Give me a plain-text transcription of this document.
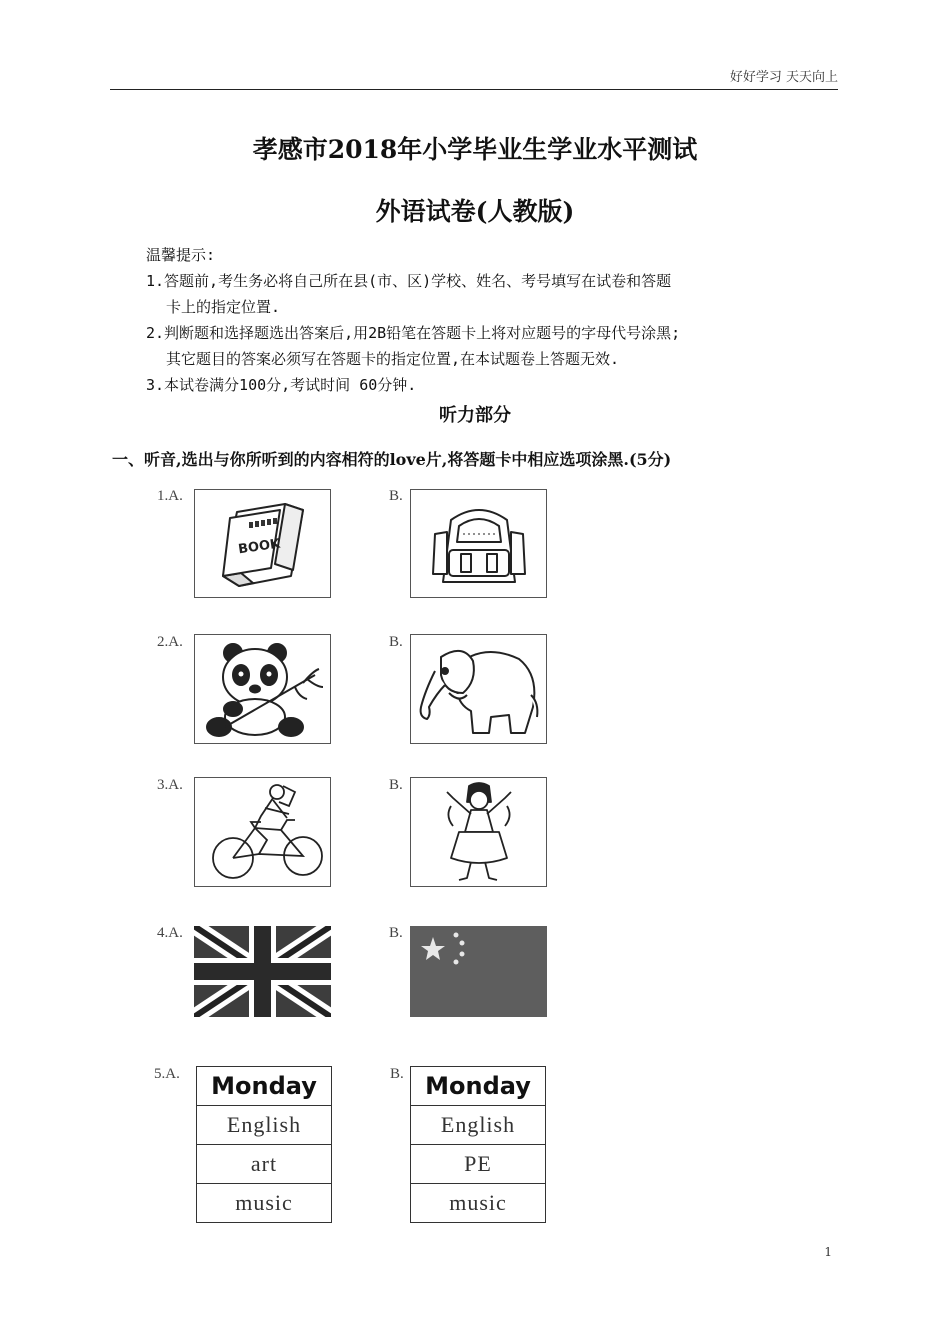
好好学习 天天向上
孝感市2018年小学毕业生学业水平测试
外语试卷(人教版)
温馨提示:
1.答题前,考生务必将自己所在县(市、区)学校、姓名、考号填写在试卷和答题
卡上的指定位置.
2.判断题和选择题选出答案后,用2B铅笔在答题卡上将对应题号的字母代号涂黑;
其它题目的答案必须写在答题卡的指定位置,在本试题卷上答题无效.
3.本试卷满分100分,考试时间 60分钟.
听力部分
一、听音,选出与你所听到的内容相符的love片,将答题卡中相应选项涂黑.(5分)
1.A.
BOOK
B.
2.A.	B.
3.A.	B.
4.A.	B.
5.A. Monday
English
art
music
B. Monday
English
PE
music
1
